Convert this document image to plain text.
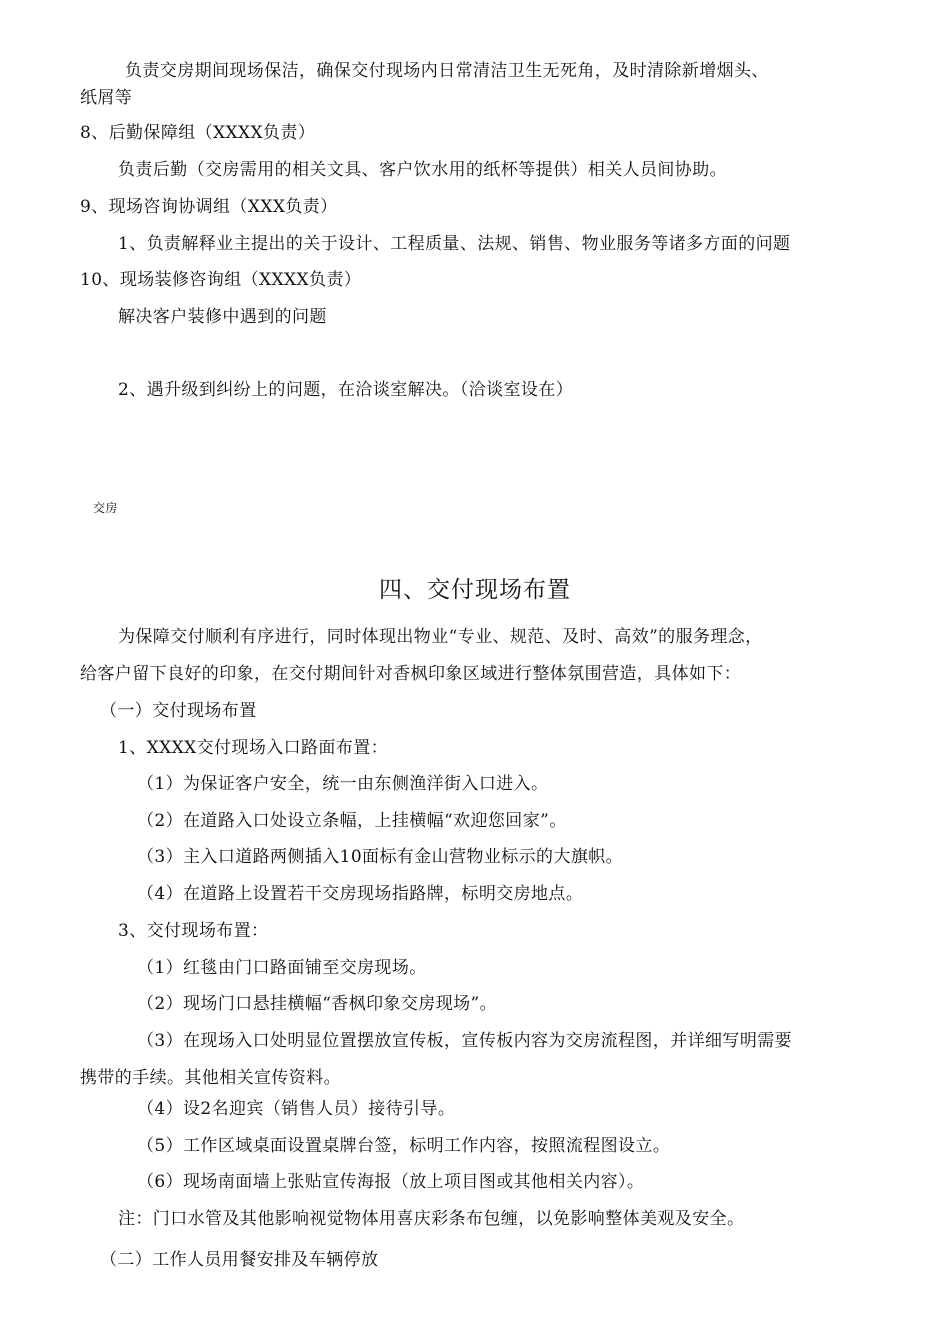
负责交房期间现场保洁，确保交付现场内日常清洁卫生无死角，及时清除新增烟头、
纸屑等
8、后勤保障组（XXXX负责）
负责后勤（交房需用的相关文具、客户饮水用的纸杯等提供）相关人员间协助。
9、现场咨询协调组（XXX负责）
1、负责解释业主提出的关于设计、工程质量、法规、销售、物业服务等诸多方面的问题
10、现场装修咨询组（XXXX负责）
解决客户装修中遇到的问题
2、遇升级到纠纷上的问题，在洽谈室解决。（洽谈室设在）
交房
四、交付现场布置
为保障交付顺利有序进行，同时体现出物业“专业、规范、及时、高效”的服务理念，
给客户留下良好的印象，在交付期间针对香枫印象区域进行整体氛围营造，具体如下：
（一）交付现场布置
1、XXXX交付现场入口路面布置：
（1）为保证客户安全，统一由东侧渔洋街入口进入。
（2）在道路入口处设立条幅，上挂横幅“欢迎您回家”。
（3）主入口道路两侧插入10面标有金山营物业标示的大旗帜。
（4）在道路上设置若干交房现场指路牌，标明交房地点。
3、交付现场布置：
（1）红毯由门口路面铺至交房现场。
（2）现场门口悬挂横幅“香枫印象交房现场”。
（3）在现场入口处明显位置摆放宣传板，宣传板内容为交房流程图，并详细写明需要
携带的手续。其他相关宣传资料。
（4）设2名迎宾（销售人员）接待引导。
（5）工作区域桌面设置桌牌台签，标明工作内容，按照流程图设立。
（6）现场南面墙上张贴宣传海报（放上项目图或其他相关内容）。
注：门口水管及其他影响视觉物体用喜庆彩条布包缠，以免影响整体美观及安全。
（二）工作人员用餐安排及车辆停放
